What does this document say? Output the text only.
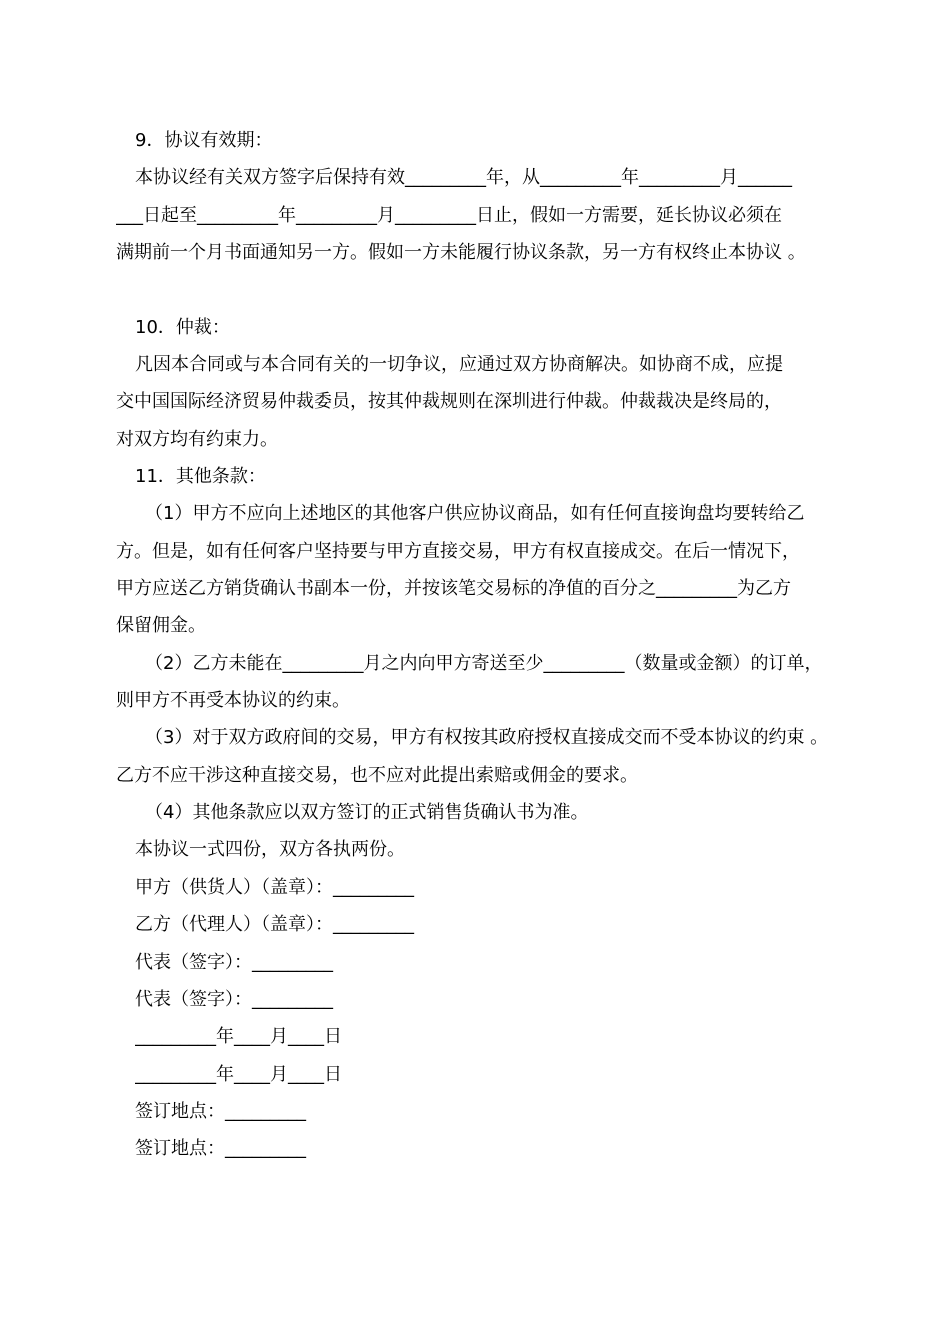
9．协议有效期：
本协议经有关双方签字后保持有效_________年，从_________年_________月______
___日起至_________年_________月_________日止，假如一方需要，延长协议必须在
满期前一个月书面通知另一方。假如一方未能履行协议条款，另一方有权终止本协议 。
10．仲裁：
凡因本合同或与本合同有关的一切争议，应通过双方协商解决。如协商不成，应提
交中国国际经济贸易仲裁委员，按其仲裁规则在深圳进行仲裁。仲裁裁决是终局的，
对双方均有约束力。
11．其他条款：
（1）甲方不应向上述地区的其他客户供应协议商品，如有任何直接询盘均要转给乙
方。但是，如有任何客户坚持要与甲方直接交易，甲方有权直接成交。在后一情况下，
甲方应送乙方销货确认书副本一份，并按该笔交易标的净值的百分之_________为乙方
保留佣金。
（2）乙方未能在_________月之内向甲方寄送至少_________（数量或金额）的订单，
则甲方不再受本协议的约束。
（3）对于双方政府间的交易，甲方有权按其政府授权直接成交而不受本协议的约束 。
乙方不应干涉这种直接交易，也不应对此提出索赔或佣金的要求。
（4）其他条款应以双方签订的正式销售货确认书为准。
本协议一式四份，双方各执两份。
甲方（供货人）（盖章）：_________
乙方（代理人）（盖章）：_________
代表（签字）：_________
代表（签字）：_________
_________年____月____日
_________年____月____日
签订地点：_________
签订地点：_________
